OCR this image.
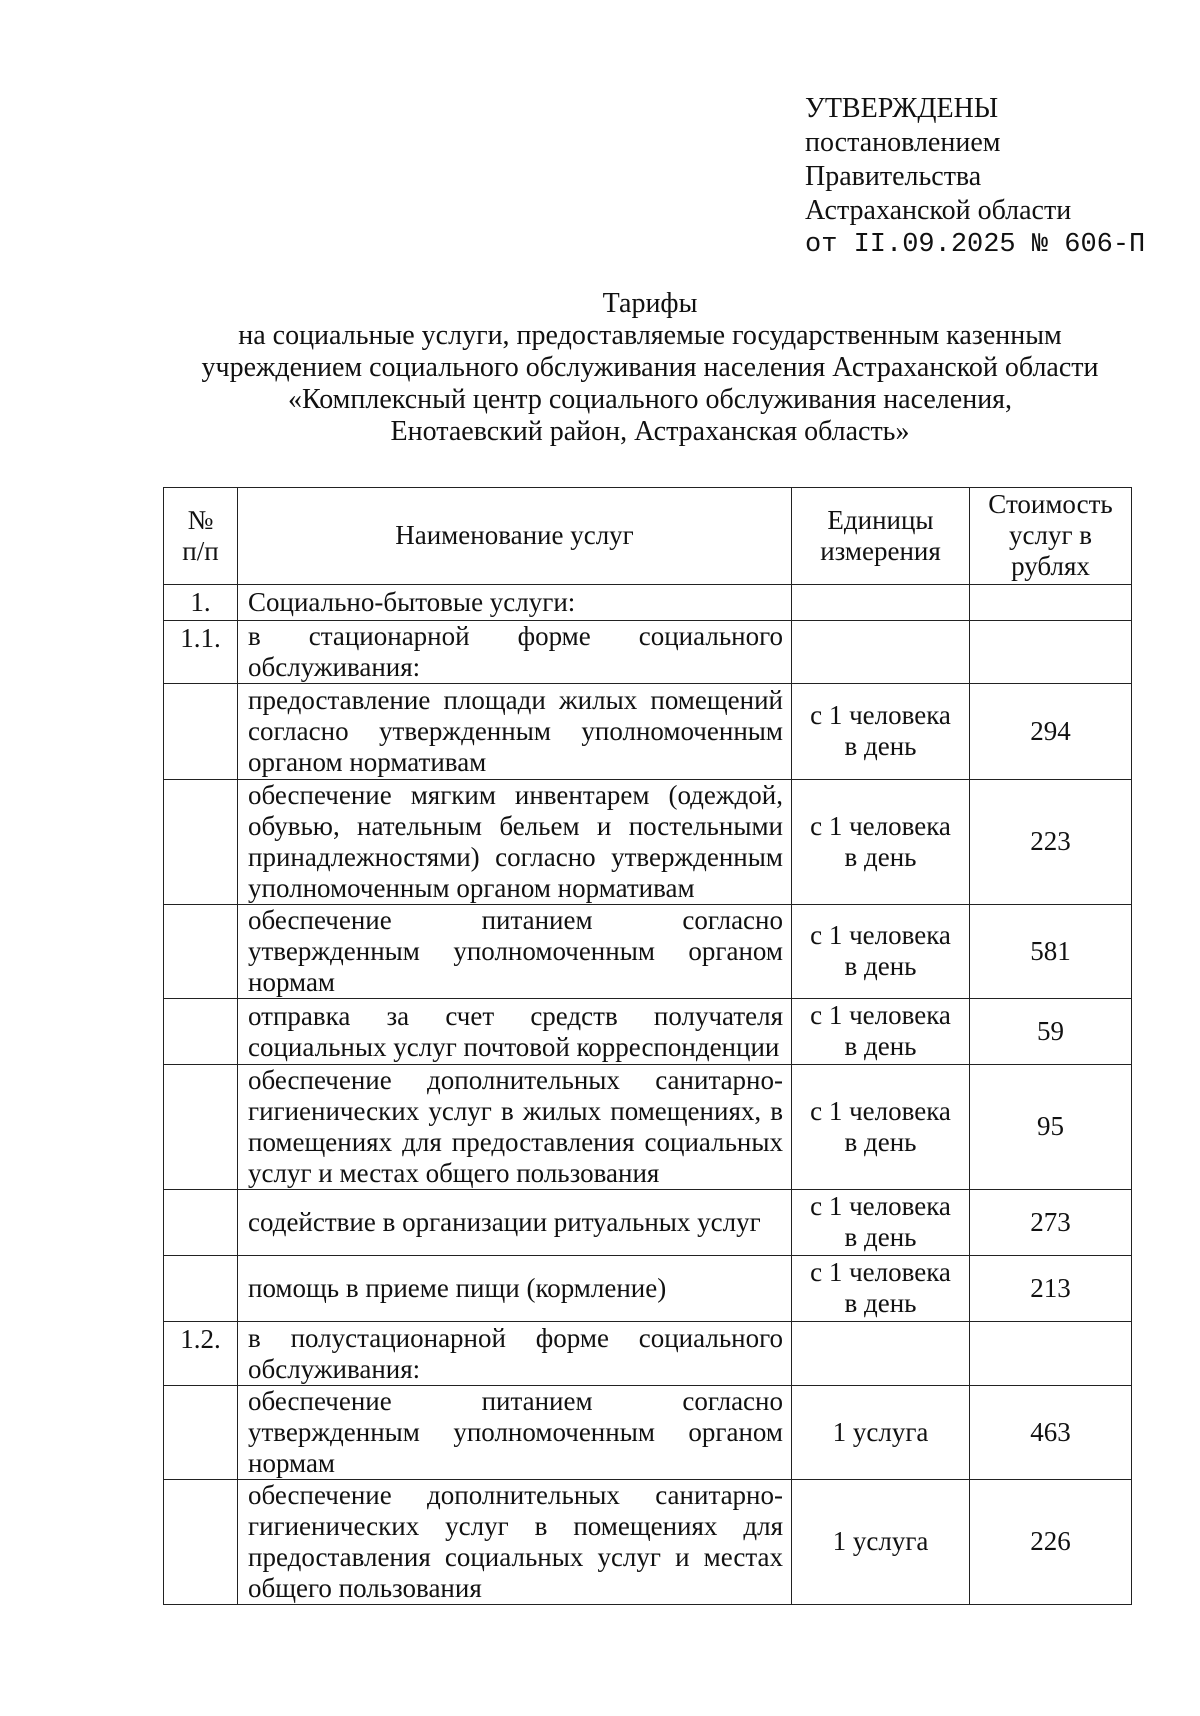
УТВЕРЖДЕНЫ
постановлением
Правительства
Астраханской области
от II.09.2025 № 606-П
Тарифы
на социальные услуги, предоставляемые государственным казенным
учреждением социального обслуживания населения Астраханской области
«Комплексный центр социального обслуживания населения,
Енотаевский район, Астраханская область»
№ п/п	Наименование услуг	Единицы измерения	Стоимость услуг в рублях
1.	Социально-бытовые услуги:		
1.1.	в стационарной форме социального обслуживания:		
	предоставление площади жилых помещений согласно утвержденным уполномоченным органом нормативам	с 1 человека в день	294
	обеспечение мягким инвентарем (одеждой, обувью, нательным бельем и постельными принадлежностями) согласно утвержденным уполномоченным органом нормативам	с 1 человека в день	223
	обеспечение питанием согласно утвержденным уполномоченным органом нормам	с 1 человека в день	581
	отправка за счет средств получателя социальных услуг почтовой корреспонденции	с 1 человека в день	59
	обеспечение дополнительных санитарно-гигиенических услуг в жилых помещениях, в помещениях для предоставления социальных услуг и местах общего пользования	с 1 человека в день	95
	содействие в организации ритуальных услуг	с 1 человека в день	273
	помощь в приеме пищи (кормление)	с 1 человека в день	213
1.2.	в полустационарной форме социального обслуживания:		
	обеспечение питанием согласно утвержденным уполномоченным органом нормам	1 услуга	463
	обеспечение дополнительных санитарно-гигиенических услуг в помещениях для предоставления социальных услуг и местах общего пользования	1 услуга	226
